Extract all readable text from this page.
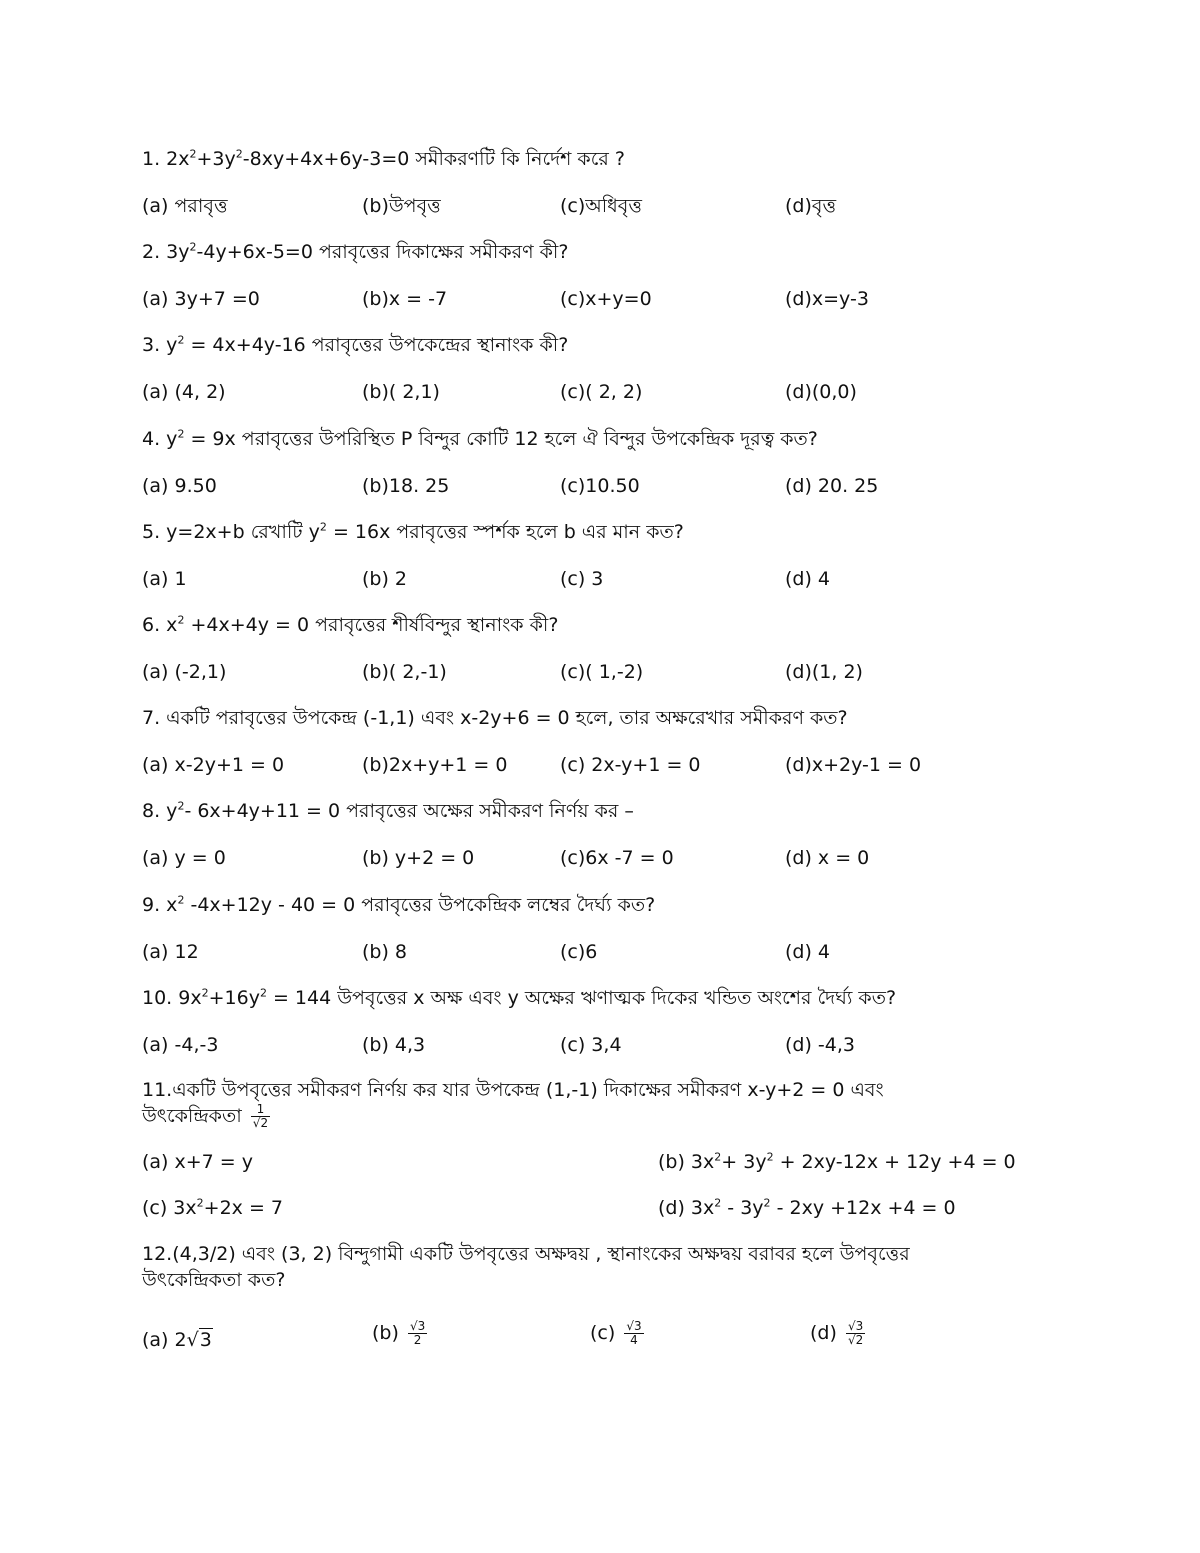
1. $2x^2+3y^2-8xy+4x+6y-3=0$ সমীকরণটি কি নির্দেশ করে ?
(a) পরাবৃত্ত	(b)উপবৃত্ত	(c)অধিবৃত্ত	(d)বৃত্ত
2. $3y^2-4y+6x-5=0$ পরাবৃত্তের দিকাক্ষের সমীকরণ কী?
(a) 3y+7 =0	(b)x = -7	(c)x+y=0	(d)x=y-3
3. $y^2 = 4x+4y-16$ পরাবৃত্তের উপকেন্দ্রের স্থানাংক কী?
(a) (4, 2)	(b)( 2,1)	(c)( 2, 2)	(d)(0,0)
4. $y^2 = 9x$ পরাবৃত্তের উপরিস্থিত P বিন্দুর কোটি 12 হলে ঐ বিন্দুর উপকেন্দ্রিক দূরত্ব কত?
(a) 9.50	(b)18. 25	(c)10.50	(d) 20. 25
5. y=2x+b রেখাটি $y^2 = 16x$ পরাবৃত্তের স্পর্শক হলে b এর মান কত?
(a) 1	(b) 2	(c) 3	(d) 4
6. $x^2 +4x+4y = 0$ পরাবৃত্তের শীর্ষবিন্দুর স্থানাংক কী?
(a) (-2,1)	(b)( 2,-1)	(c)( 1,-2)	(d)(1, 2)
7. একটি পরাবৃত্তের উপকেন্দ্র (-1,1) এবং x-2y+6 = 0 হলে, তার অক্ষরেখার সমীকরণ কত?
(a) x-2y+1 = 0	(b)2x+y+1 = 0	(c) 2x-y+1 = 0	(d)x+2y-1 = 0
8. $y^2-$ 6x+4y+11 = 0 পরাবৃত্তের অক্ষের সমীকরণ নির্ণয় কর –
(a) y = 0	(b) y+2 = 0	(c)6x -7 = 0	(d) x = 0
9. $x^2$ -4x+12y - 40 = 0 পরাবৃত্তের উপকেন্দ্রিক লম্বের দৈর্ঘ্য কত?
(a) 12	(b) 8	(c)6	(d) 4
10. $9x^2+16y^2 = 144$ উপবৃত্তের x অক্ষ এবং y অক্ষের ঋণাত্মক দিকের খন্ডিত অংশের দৈর্ঘ্য কত?
(a) -4,-3	(b) 4,3	(c) 3,4	(d) -4,3
11.একটি উপবৃত্তের সমীকরণ নির্ণয় কর যার উপকেন্দ্র (1,-1) দিকাক্ষের সমীকরণ x-y+2 = 0 এবং
উৎকেন্দ্রিকতা $\frac{1}{√2}$
(a) x+7 = y	(b) $3x^2+ 3y^2 + 2xy-12x + 12y +4 = 0$
(c) $3x^2+2x = 7$	(d) $3x^2 - 3y^2 - 2xy +12x +4 = 0$
12.(4,3/2) এবং (3, 2) বিন্দুগামী একটি উপবৃত্তের অক্ষদ্বয় , স্থানাংকের অক্ষদ্বয় বরাবর হলে উপবৃত্তের
উৎকেন্দ্রিকতা কত?
(a) 2√3	$(b) \frac{√3}{2}$	$(c) \frac{√3}{4}$	$(d) \frac{√3}{√2}$
